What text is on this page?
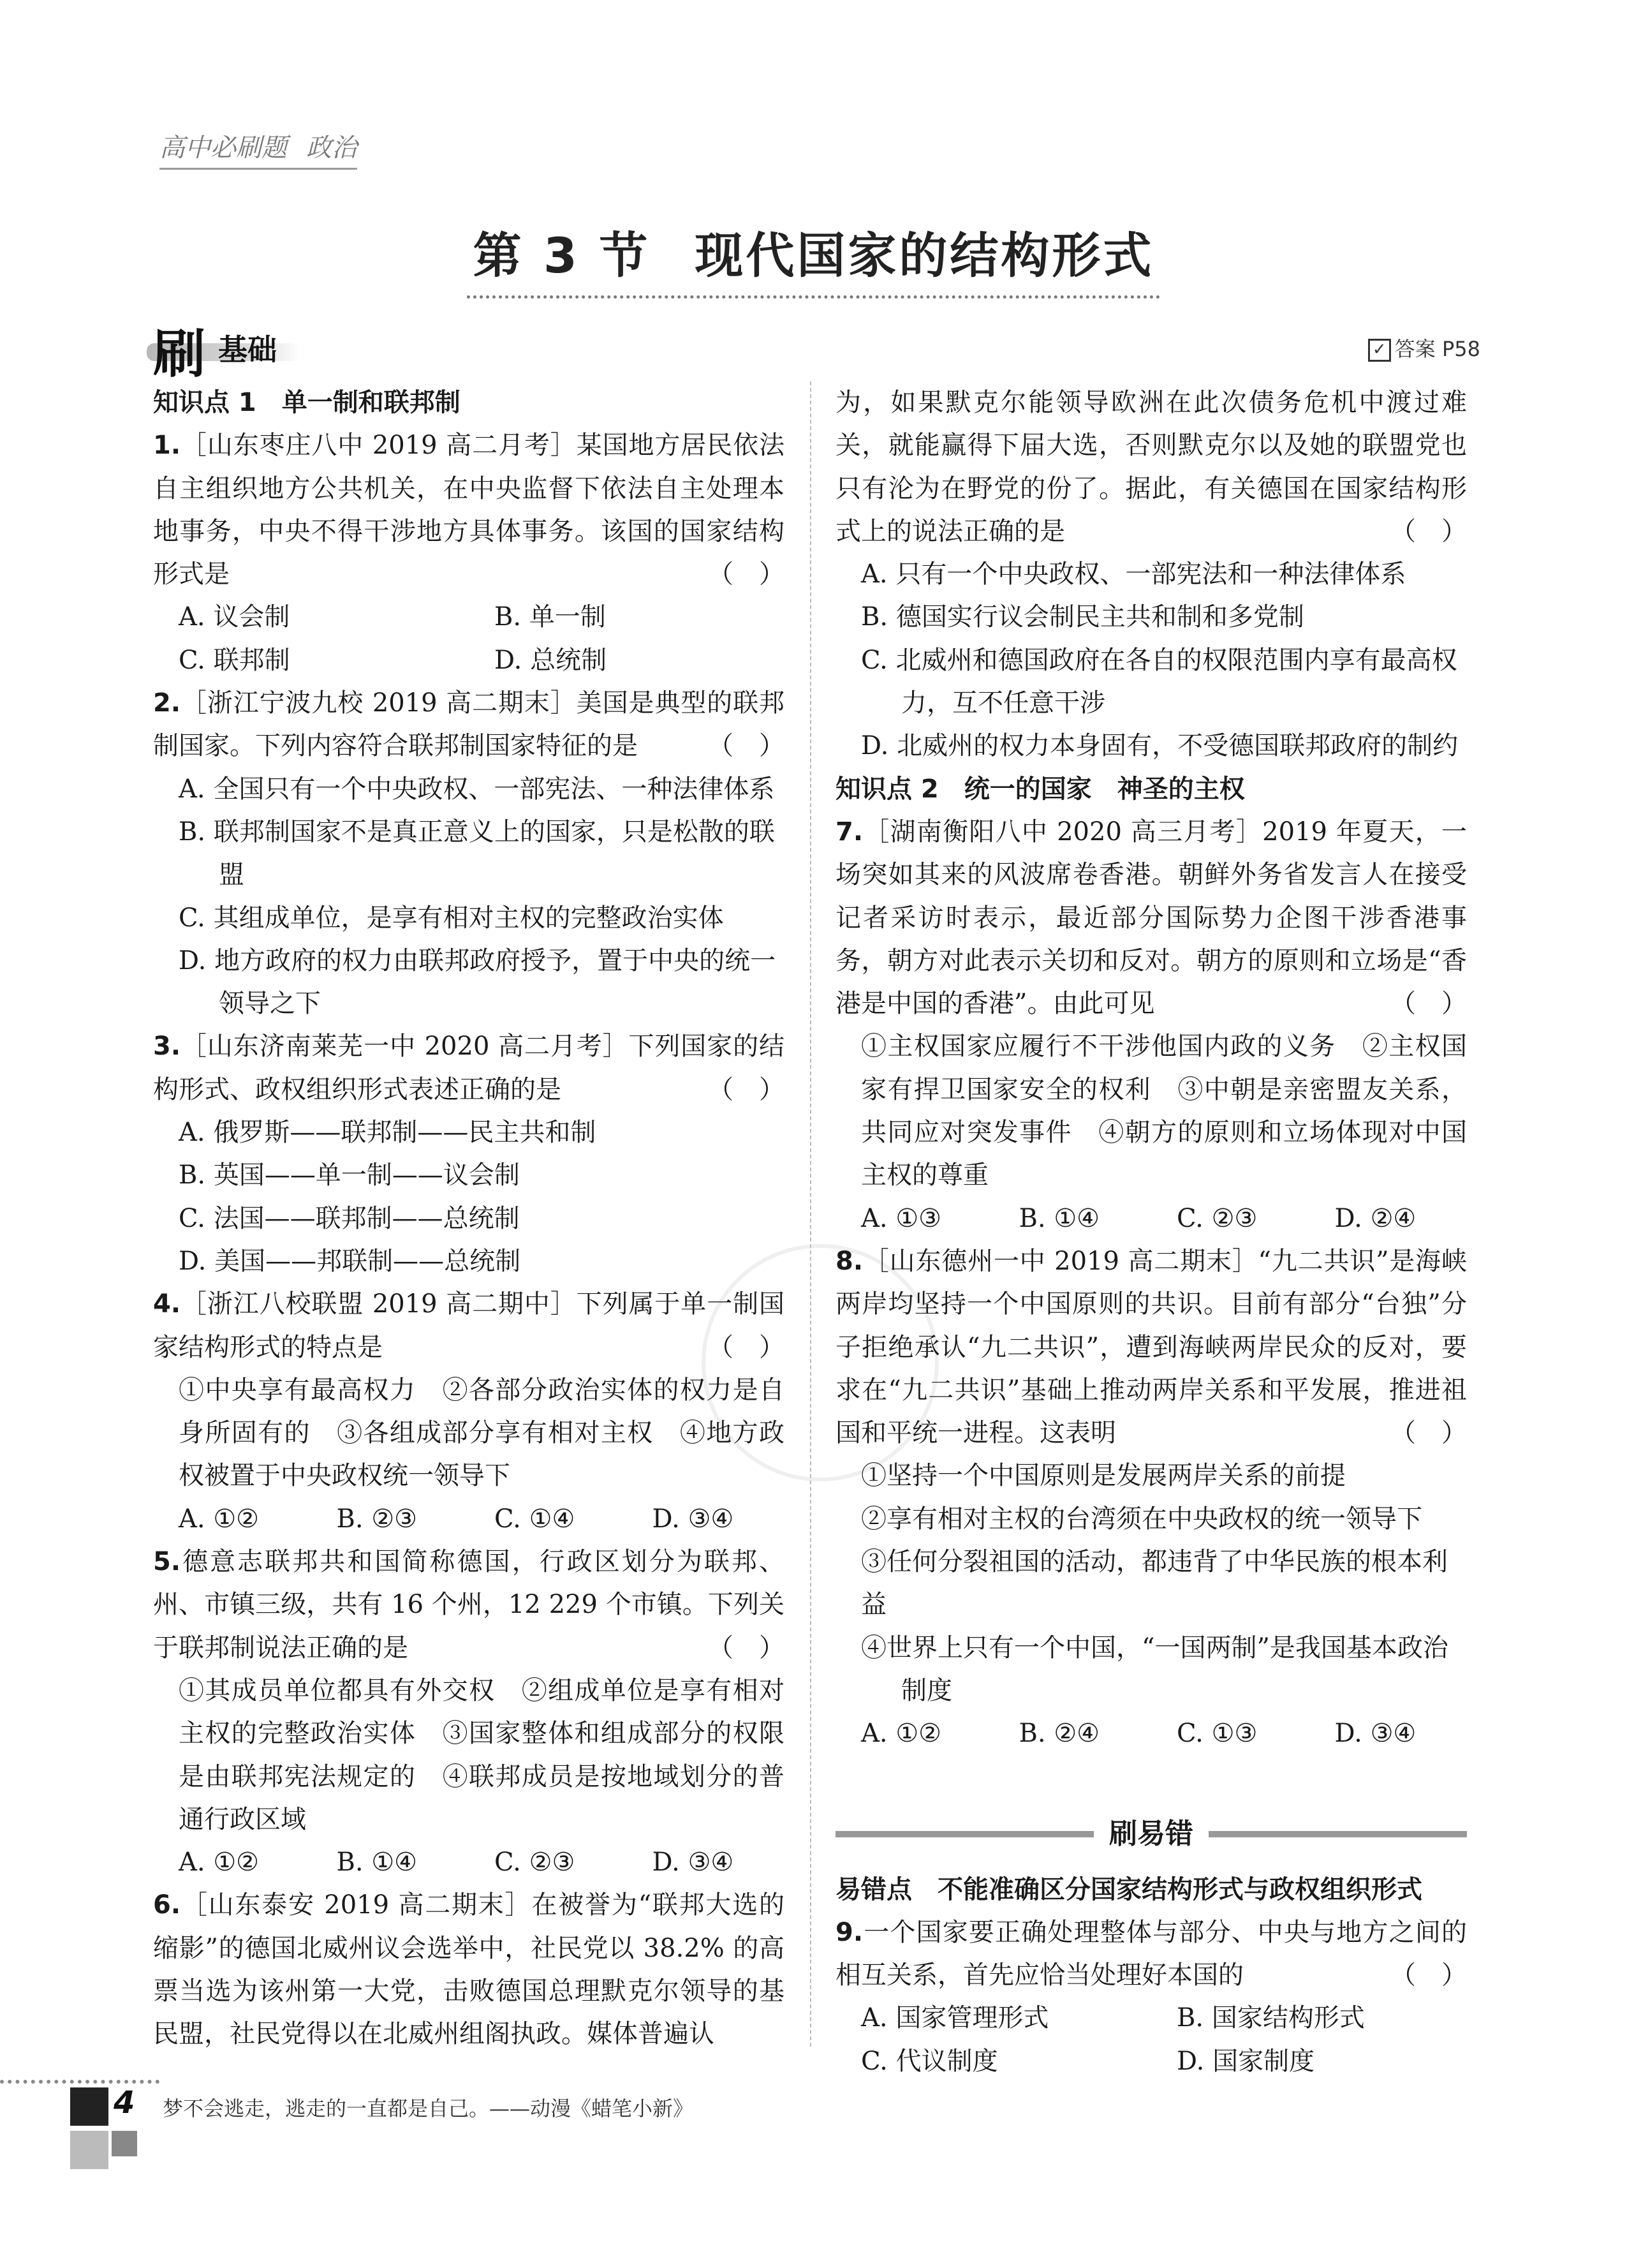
高中必刷题 政治
第 3 节 现代国家的结构形式
刷 基础	✓ 答案 P58

知识点 1　单一制和联邦制

1.［山东枣庄八中 2019 高二月考］某国地方居民依法自主组织地方公共机关，在中央监督下依法自主处理本地事务，中央不得干涉地方具体事务。该国的国家结构形式是	（）

A. 议会制	B. 单一制
C. 联邦制	D. 总统制

2.［浙江宁波九校 2019 高二期末］美国是典型的联邦制国家。下列内容符合联邦制国家特征的是	（）

A. 全国只有一个中央政权、一部宪法、一种法律体系

B. 联邦制国家不是真正意义上的国家，只是松散的联盟

C. 其组成单位，是享有相对主权的完整政治实体

D. 地方政府的权力由联邦政府授予，置于中央的统一领导之下

3.［山东济南莱芜一中 2020 高二月考］下列国家的结构形式、政权组织形式表述正确的是	（）

A. 俄罗斯——联邦制——民主共和制

B. 英国——单一制——议会制

C. 法国——联邦制——总统制

D. 美国——邦联制——总统制

4.［浙江八校联盟 2019 高二期中］下列属于单一制国家结构形式的特点是	（）

①中央享有最高权力　②各部分政治实体的权力是自身所固有的　③各组成部分享有相对主权　④地方政权被置于中央政权统一领导下

A. ①②	B. ②③	C. ①④	D. ③④

5.德意志联邦共和国简称德国，行政区划分为联邦、州、市镇三级，共有 16 个州，12 229 个市镇。下列关于联邦制说法正确的是	（）

①其成员单位都具有外交权　②组成单位是享有相对主权的完整政治实体　③国家整体和组成部分的权限是由联邦宪法规定的　④联邦成员是按地域划分的普通行政区域

A. ①②	B. ①④	C. ②③	D. ③④

6.［山东泰安 2019 高二期末］在被誉为“联邦大选的缩影”的德国北威州议会选举中，社民党以 38.2% 的高票当选为该州第一大党，击败德国总理默克尔领导的基民盟，社民党得以在北威州组阁执政。媒体普遍认

为，如果默克尔能领导欧洲在此次债务危机中渡过难关，就能赢得下届大选，否则默克尔以及她的联盟党也只有沦为在野党的份了。据此，有关德国在国家结构形式上的说法正确的是	（）

A. 只有一个中央政权、一部宪法和一种法律体系

B. 德国实行议会制民主共和制和多党制

C. 北威州和德国政府在各自的权限范围内享有最高权力，互不任意干涉

D. 北威州的权力本身固有，不受德国联邦政府的制约

知识点 2　统一的国家　神圣的主权

7.［湖南衡阳八中 2020 高三月考］2019 年夏天，一场突如其来的风波席卷香港。朝鲜外务省发言人在接受记者采访时表示，最近部分国际势力企图干涉香港事务，朝方对此表示关切和反对。朝方的原则和立场是“香港是中国的香港”。由此可见	（）

①主权国家应履行不干涉他国内政的义务　②主权国家有捍卫国家安全的权利　③中朝是亲密盟友关系，共同应对突发事件　④朝方的原则和立场体现对中国主权的尊重

A. ①③	B. ①④	C. ②③	D. ②④

8.［山东德州一中 2019 高二期末］“九二共识”是海峡两岸均坚持一个中国原则的共识。目前有部分“台独”分子拒绝承认“九二共识”，遭到海峡两岸民众的反对，要求在“九二共识”基础上推动两岸关系和平发展，推进祖国和平统一进程。这表明	（）

①坚持一个中国原则是发展两岸关系的前提

②享有相对主权的台湾须在中央政权的统一领导下

③任何分裂祖国的活动，都违背了中华民族的根本利益

④世界上只有一个中国，“一国两制”是我国基本政治制度

A. ①②	B. ②④	C. ①③	D. ③④
刷易错

易错点　不能准确区分国家结构形式与政权组织形式

9.一个国家要正确处理整体与部分、中央与地方之间的相互关系，首先应恰当处理好本国的	（）

A. 国家管理形式	B. 国家结构形式
C. 代议制度	D. 国家制度
4 梦不会逃走，逃走的一直都是自己。——动漫《蜡笔小新》
